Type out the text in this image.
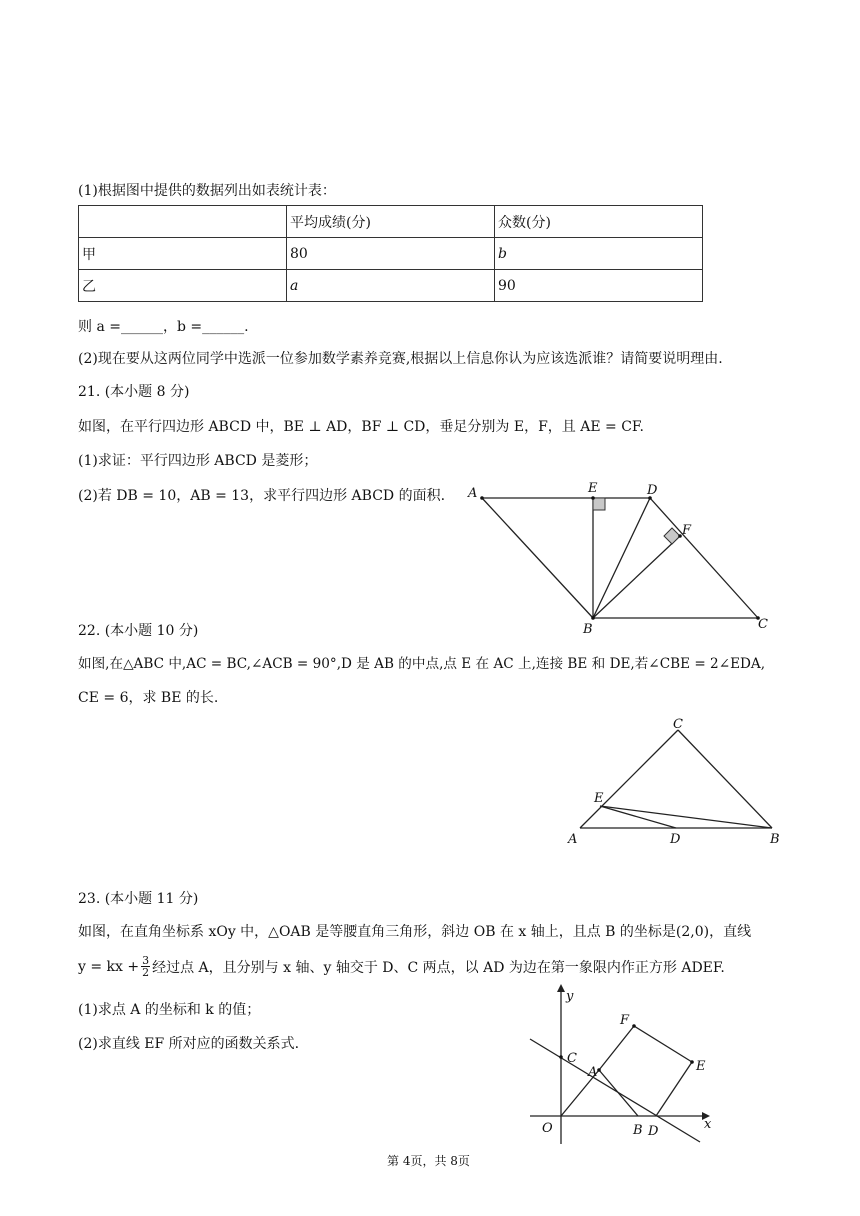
(1)根据图中提供的数据列出如表统计表：
	平均成绩(分)	众数(分)
甲	80	b
乙	a	90
则 a =______，b =______.
(2)现在要从这两位同学中选派一位参加数学素养竞赛,根据以上信息你认为应该选派谁？请简要说明理由.
21. (本小题 8 分)
如图，在平行四边形 ABCD 中，BE ⊥ AD，BF ⊥ CD，垂足分别为 E，F，且 AE = CF.
(1)求证：平行四边形 ABCD 是菱形；
(2)若 DB = 10，AB = 13，求平行四边形 ABCD 的面积. A	E	D
F
B	C
22. (本小题 10 分)
如图,在△ABC 中,AC = BC,∠ACB = 90°,D 是 AB 的中点,点 E 在 AC 上,连接 BE 和 DE,若∠CBE = 2∠EDA,
CE = 6，求 BE 的长.
C
E
A	D	B
23. (本小题 11 分)
如图，在直角坐标系 xOy 中，△OAB 是等腰直角三角形，斜边 OB 在 x 轴上，且点 B 的坐标是(2,0)，直线
y = kx + $\frac{3}{2}$ 经过点 A，且分别与 x 轴、y 轴交于 D、C 两点，以 AD 为边在第一象限内作正方形 ADEF.
(1)求点 A 的坐标和 k 的值；
(2)求直线 EF 所对应的函数关系式.
y
F
E
C
A
O	B D	x
第 4页，共 8页
